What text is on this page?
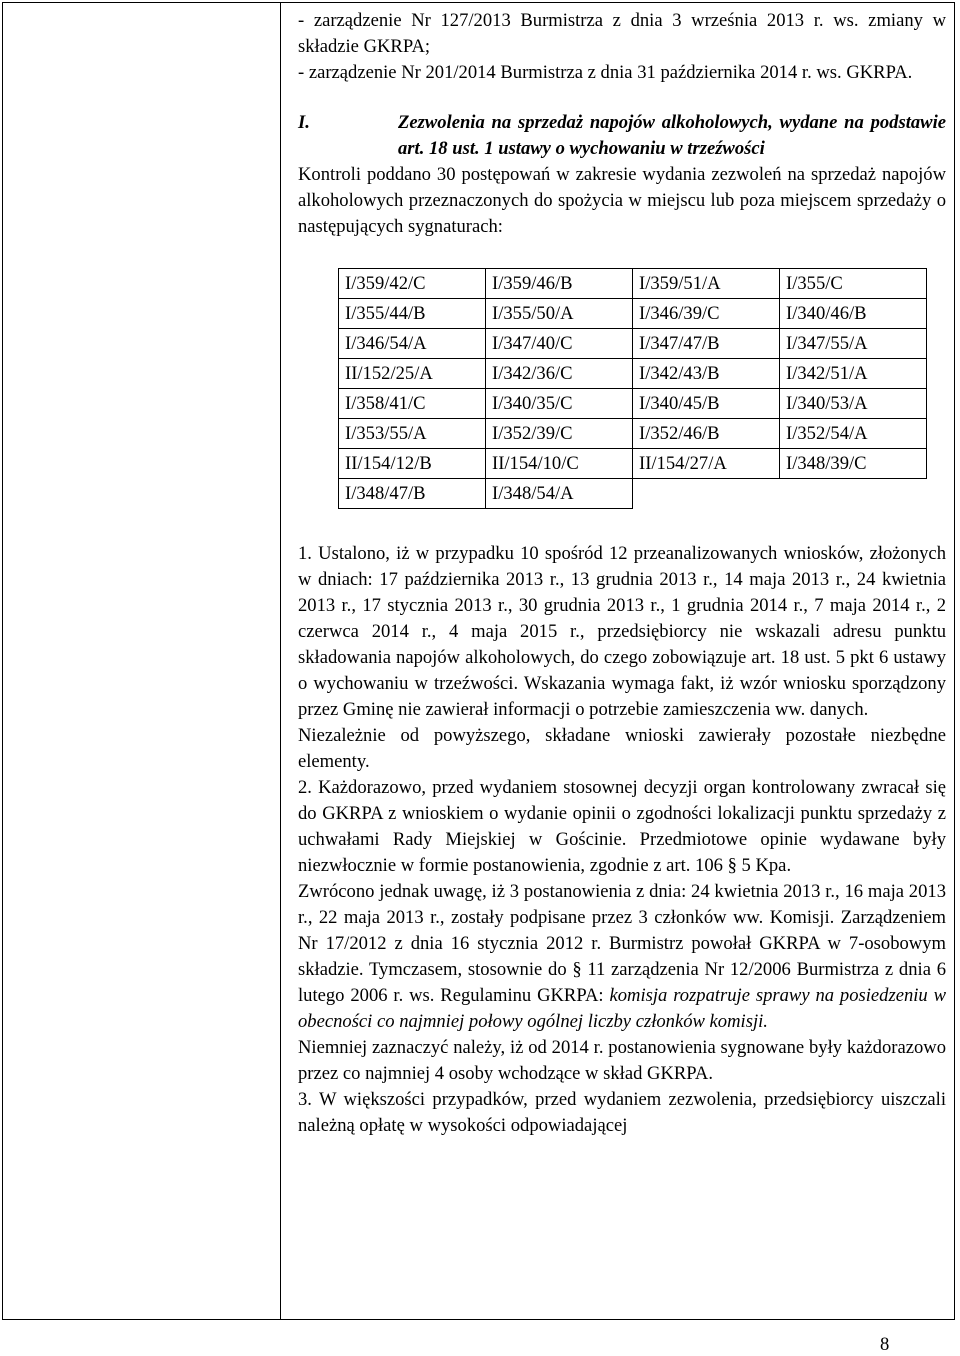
- zarządzenie Nr 127/2013 Burmistrza z dnia 3 września 2013 r. ws. zmiany w składzie GKRPA;

- zarządzenie Nr 201/2014 Burmistrza z dnia 31 października 2014 r. ws. GKRPA.

I.	Zezwolenia na sprzedaż napojów alkoholowych, wydane na podstawie art. 18 ust. 1 ustawy o wychowaniu w trzeźwości

Kontroli poddano 30 postępowań w zakresie wydania zezwoleń na sprzedaż napojów alkoholowych przeznaczonych do spożycia w miejscu lub poza miejscem sprzedaży o następujących sygnaturach:

I/359/42/C	I/359/46/B	I/359/51/A	I/355/C
I/355/44/B	I/355/50/A	I/346/39/C	I/340/46/B
I/346/54/A	I/347/40/C	I/347/47/B	I/347/55/A
II/152/25/A	I/342/36/C	I/342/43/B	I/342/51/A
I/358/41/C	I/340/35/C	I/340/45/B	I/340/53/A
I/353/55/A	I/352/39/C	I/352/46/B	I/352/54/A
II/154/12/B	II/154/10/C	II/154/27/A	I/348/39/C
I/348/47/B	I/348/54/A		

1. Ustalono, iż w przypadku 10 spośród 12 przeanalizowanych wniosków, złożonych w dniach: 17 października 2013 r., 13 grudnia 2013 r., 14 maja 2013 r., 24 kwietnia 2013 r., 17 stycznia 2013 r., 30 grudnia 2013 r., 1 grudnia 2014 r., 7 maja 2014 r., 2 czerwca 2014 r., 4 maja 2015 r., przedsiębiorcy nie wskazali adresu punktu składowania napojów alkoholowych, do czego zobowiązuje art. 18 ust. 5 pkt 6 ustawy o wychowaniu w trzeźwości. Wskazania wymaga fakt, iż wzór wniosku sporządzony przez Gminę nie zawierał informacji o potrzebie zamieszczenia ww. danych.

Niezależnie od powyższego, składane wnioski zawierały pozostałe niezbędne elementy.

2. Każdorazowo, przed wydaniem stosownej decyzji organ kontrolowany zwracał się do GKRPA z wnioskiem o wydanie opinii o zgodności lokalizacji punktu sprzedaży z uchwałami Rady Miejskiej w Gościnie. Przedmiotowe opinie wydawane były niezwłocznie w formie postanowienia, zgodnie z art. 106 § 5 Kpa.

Zwrócono jednak uwagę, iż 3 postanowienia z dnia: 24 kwietnia 2013 r., 16 maja 2013 r., 22 maja 2013 r., zostały podpisane przez 3 członków ww. Komisji. Zarządzeniem Nr 17/2012 z dnia 16 stycznia 2012 r. Burmistrz powołał GKRPA w 7-osobowym składzie. Tymczasem, stosownie do § 11 zarządzenia Nr 12/2006 Burmistrza z dnia 6 lutego 2006 r. ws. Regulaminu GKRPA: komisja rozpatruje sprawy na posiedzeniu w obecności co najmniej połowy ogólnej liczby członków komisji.

Niemniej zaznaczyć należy, iż od 2014 r. postanowienia sygnowane były każdorazowo przez co najmniej 4 osoby wchodzące w skład GKRPA.

3. W większości przypadków, przed wydaniem zezwolenia, przedsiębiorcy uiszczali należną opłatę w wysokości odpowiadającej

8
